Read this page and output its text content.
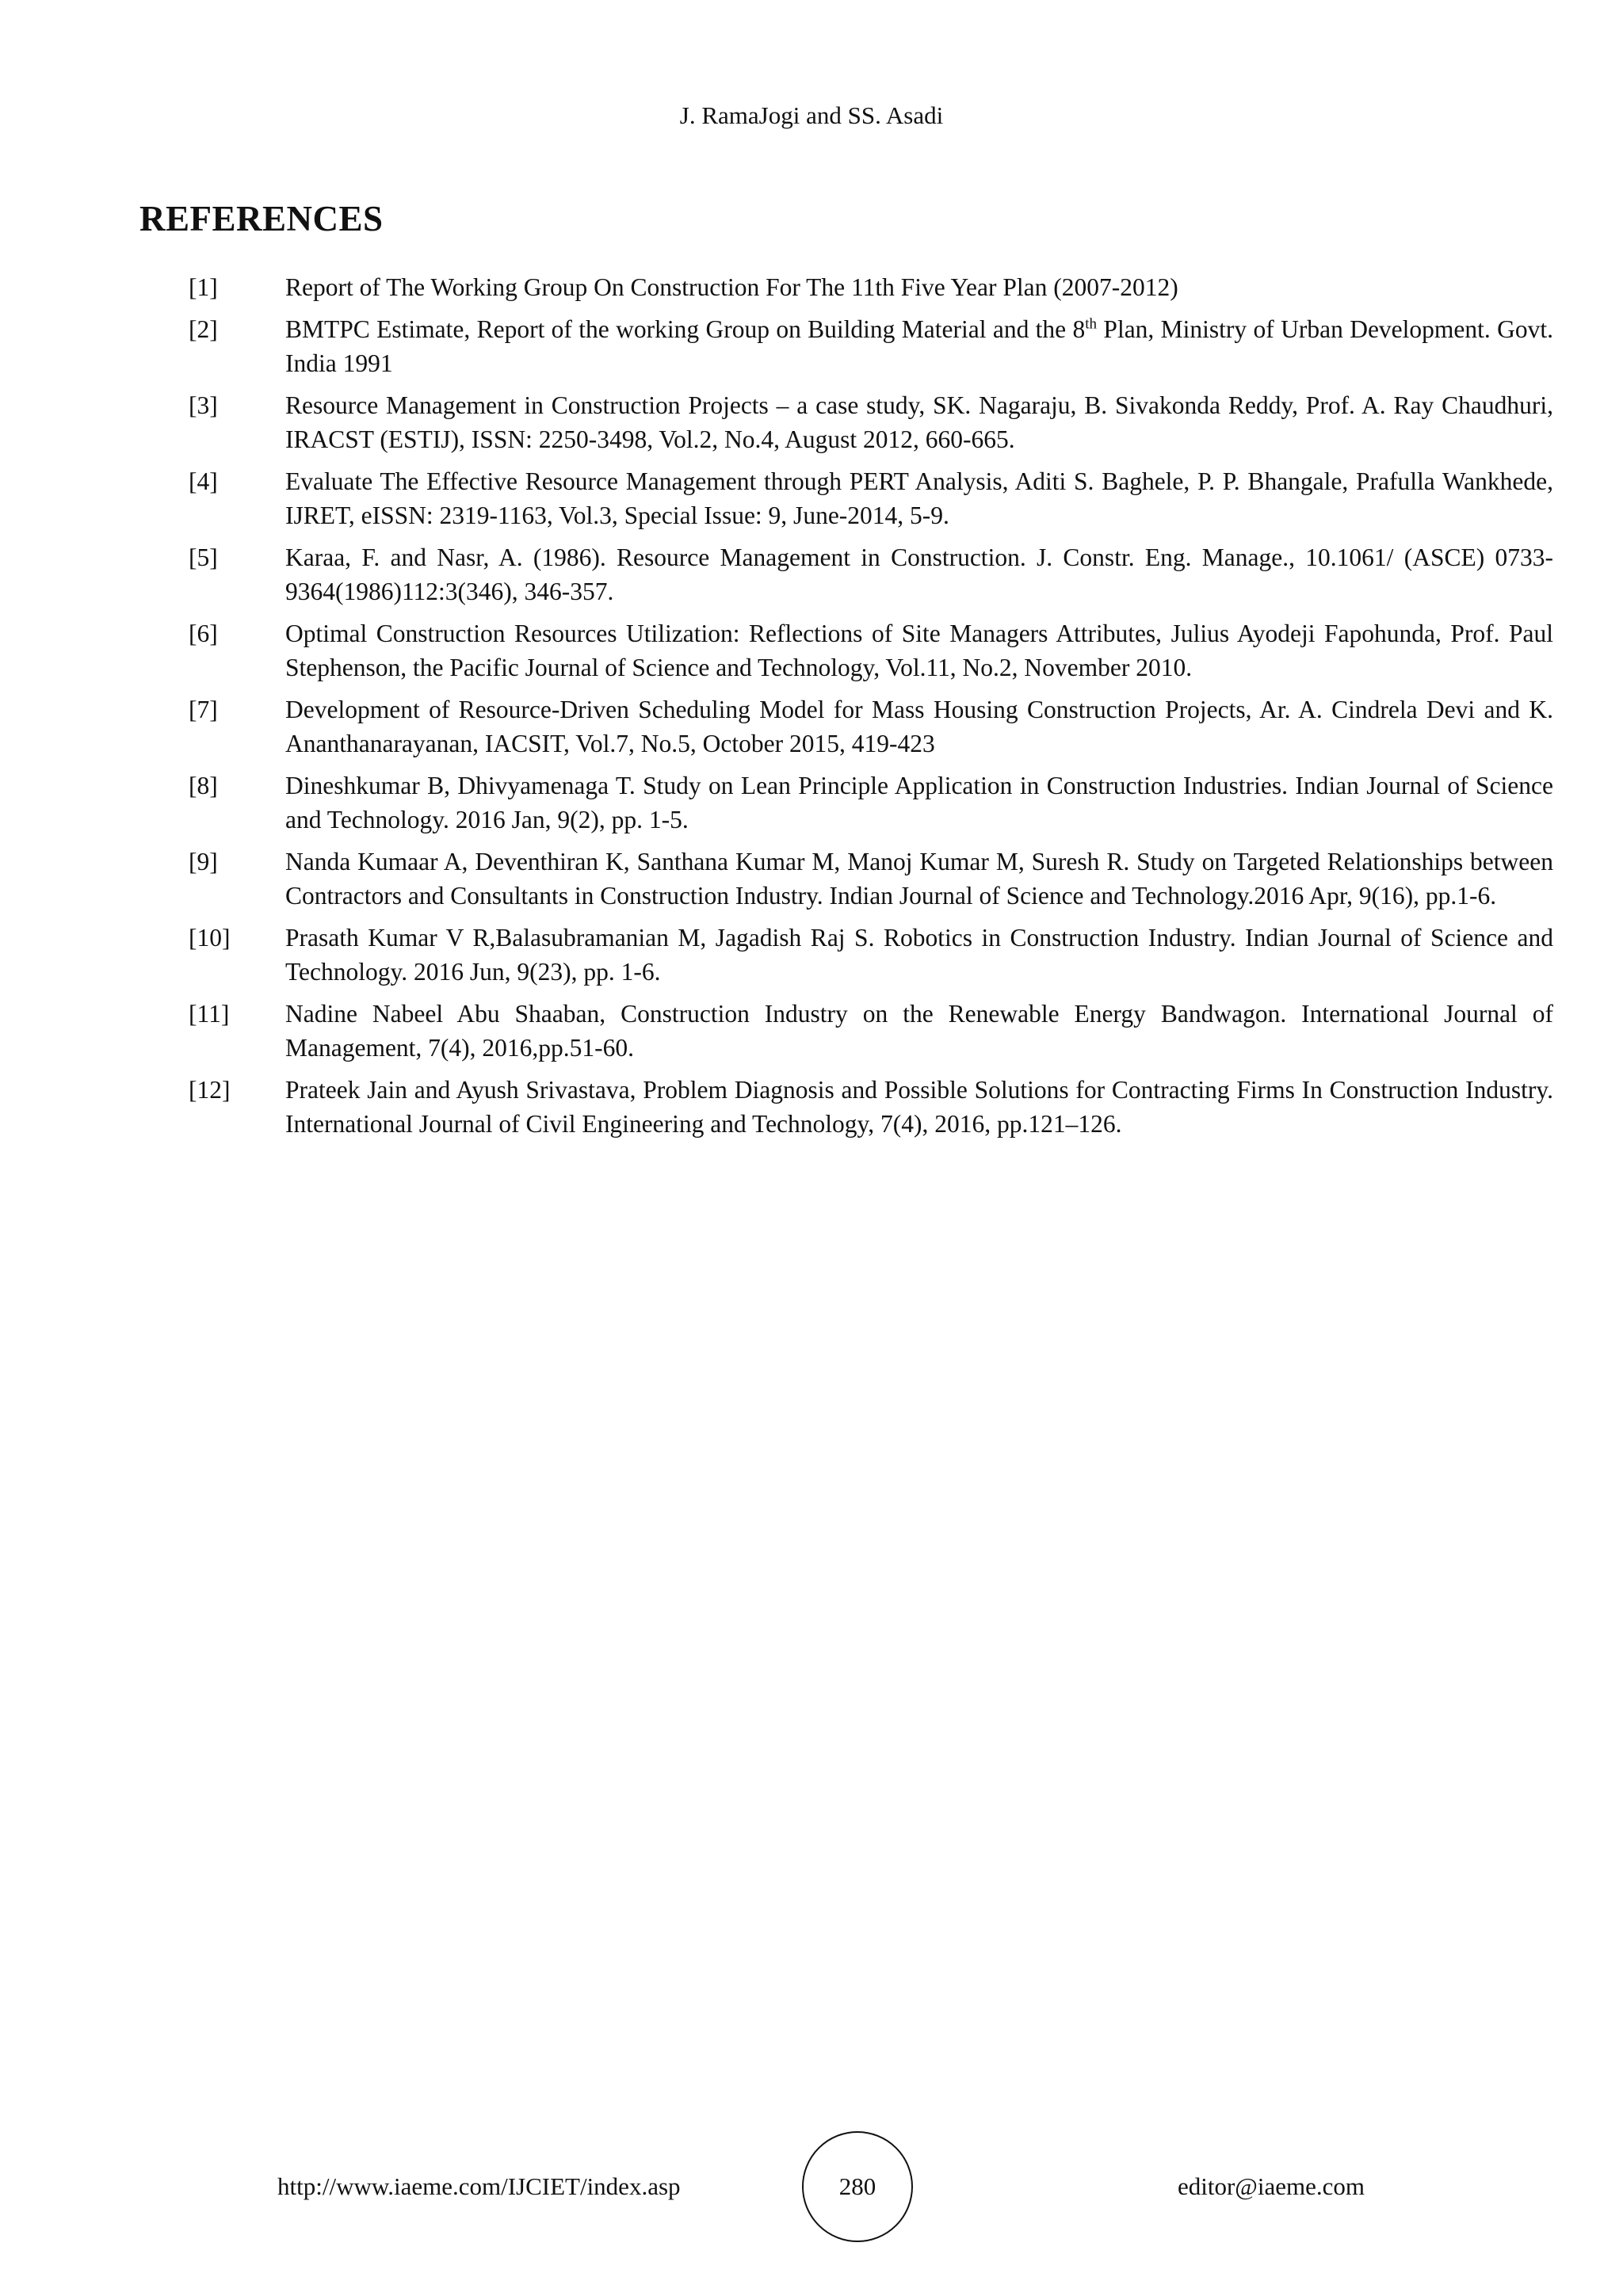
J. RamaJogi and SS. Asadi
REFERENCES
[1]	Report of The Working Group On Construction For The 11th Five Year Plan (2007-2012)
[2]	BMTPC Estimate, Report of the working Group on Building Material and the 8th Plan, Ministry of Urban Development. Govt. India 1991
[3]	Resource Management in Construction Projects – a case study, SK. Nagaraju, B. Sivakonda Reddy, Prof. A. Ray Chaudhuri, IRACST (ESTIJ), ISSN: 2250-3498, Vol.2, No.4, August 2012, 660-665.
[4]	Evaluate The Effective Resource Management through PERT Analysis, Aditi S. Baghele, P. P. Bhangale, Prafulla Wankhede, IJRET, eISSN: 2319-1163, Vol.3, Special Issue: 9, June-2014, 5-9.
[5]	Karaa, F. and Nasr, A. (1986). Resource Management in Construction. J. Constr. Eng. Manage., 10.1061/ (ASCE) 0733-9364(1986)112:3(346), 346-357.
[6]	Optimal Construction Resources Utilization: Reflections of Site Managers Attributes, Julius Ayodeji Fapohunda, Prof. Paul Stephenson, the Pacific Journal of Science and Technology, Vol.11, No.2, November 2010.
[7]	Development of Resource-Driven Scheduling Model for Mass Housing Construction Projects, Ar. A. Cindrela Devi and K. Ananthanarayanan, IACSIT, Vol.7, No.5, October 2015, 419-423
[8]	Dineshkumar B, Dhivyamenaga T. Study on Lean Principle Application in Construction Industries. Indian Journal of Science and Technology. 2016 Jan, 9(2), pp. 1-5.
[9]	Nanda Kumaar A, Deventhiran K, Santhana Kumar M, Manoj Kumar M, Suresh R. Study on Targeted Relationships between Contractors and Consultants in Construction Industry. Indian Journal of Science and Technology.2016 Apr, 9(16), pp.1-6.
[10]	Prasath Kumar V R,Balasubramanian M, Jagadish Raj S. Robotics in Construction Industry. Indian Journal of Science and Technology. 2016 Jun, 9(23), pp. 1-6.
[11]	Nadine Nabeel Abu Shaaban, Construction Industry on the Renewable Energy Bandwagon. International Journal of Management, 7(4), 2016,pp.51-60.
[12]	Prateek Jain and Ayush Srivastava, Problem Diagnosis and Possible Solutions for Contracting Firms In Construction Industry. International Journal of Civil Engineering and Technology, 7(4), 2016, pp.121–126.
http://www.iaeme.com/IJCIET/index.asp	280	editor@iaeme.com
